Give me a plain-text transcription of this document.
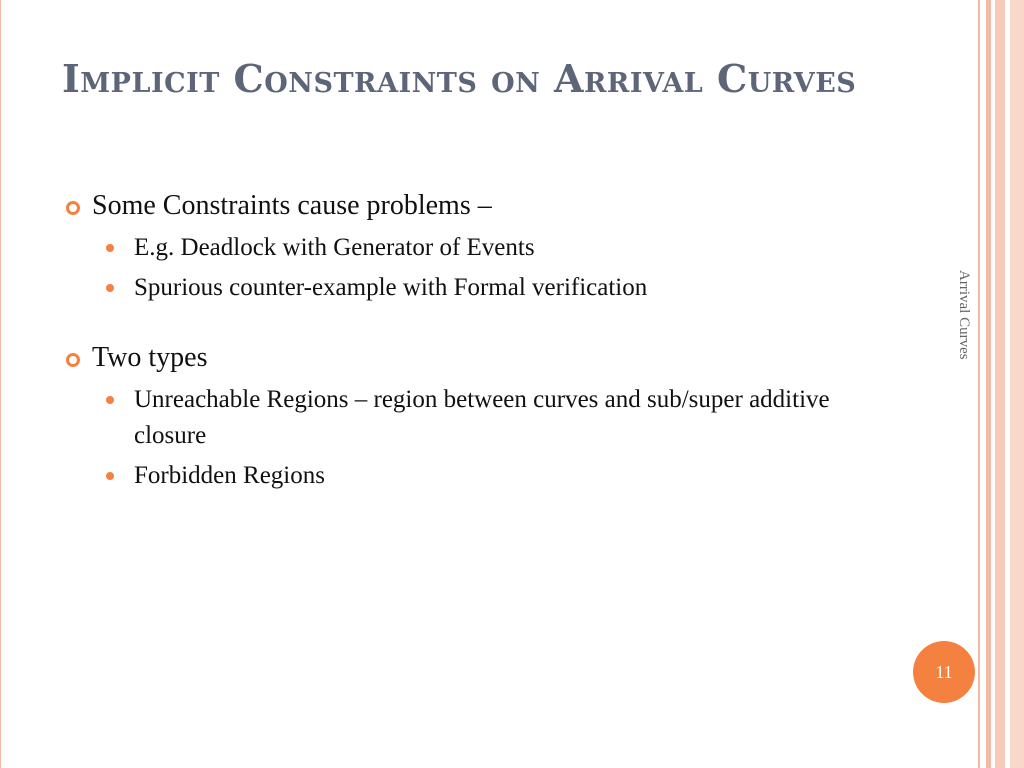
Implicit Constraints on Arrival Curves
Some Constraints cause problems –
E.g. Deadlock with Generator of Events
Spurious counter-example with Formal verification
Two types
Unreachable Regions – region between curves and sub/super additive closure
Forbidden Regions
Arrival Curves
11
